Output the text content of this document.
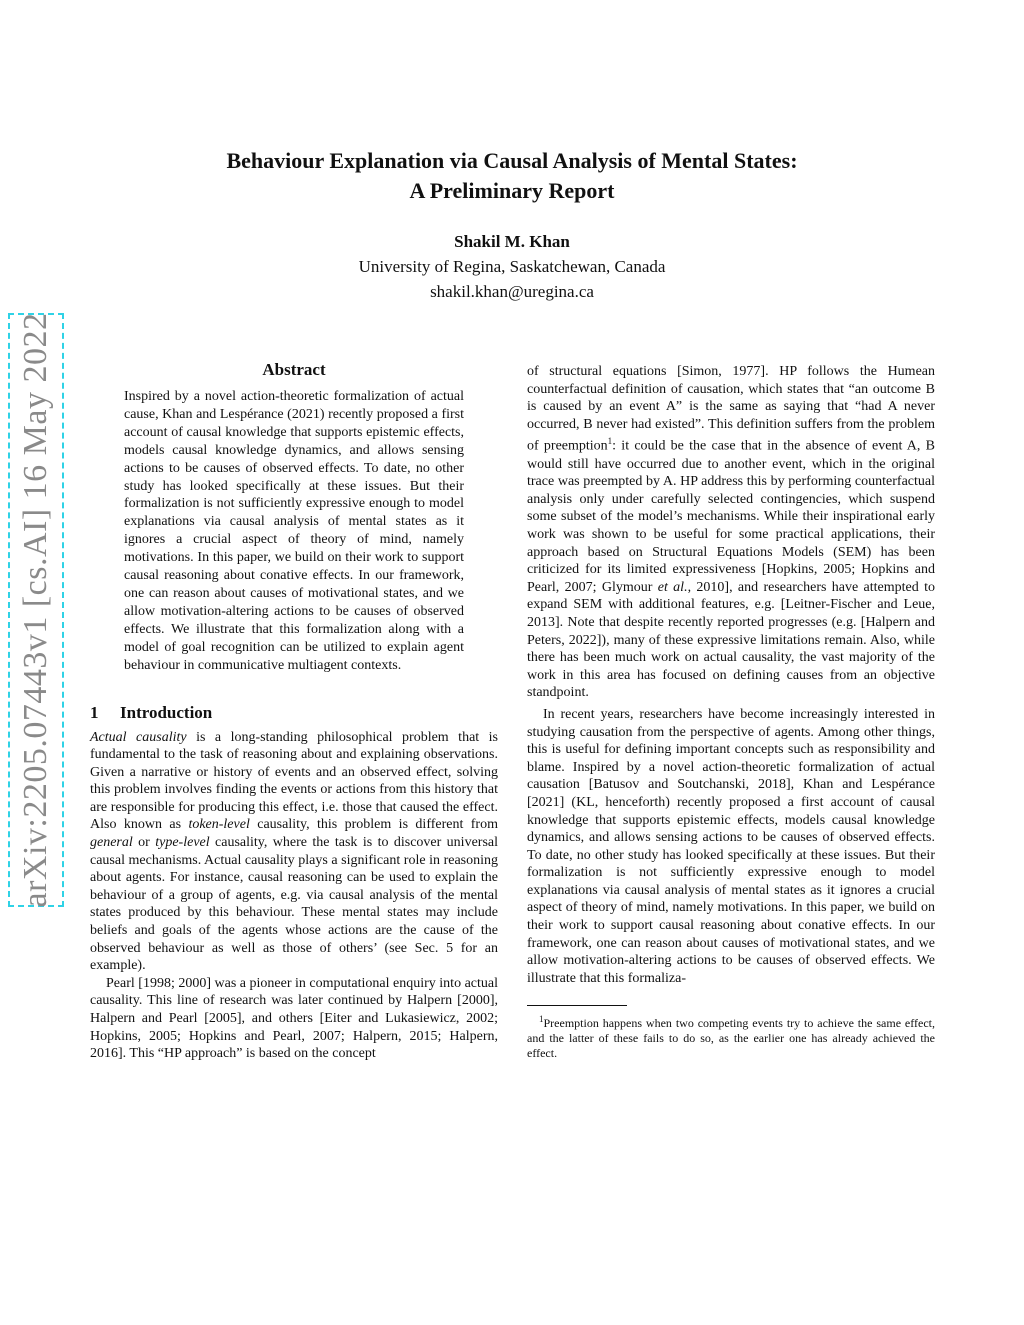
arXiv:2205.07443v1 [cs.AI] 16 May 2022
Behaviour Explanation via Causal Analysis of Mental States:
A Preliminary Report
Shakil M. Khan
University of Regina, Saskatchewan, Canada
shakil.khan@uregina.ca
Abstract

Inspired by a novel action-theoretic formalization of actual cause, Khan and Lespérance (2021) recently proposed a first account of causal knowledge that supports epistemic effects, models causal knowledge dynamics, and allows sensing actions to be causes of observed effects. To date, no other study has looked specifically at these issues. But their formalization is not sufficiently expressive enough to model explanations via causal analysis of mental states as it ignores a crucial aspect of theory of mind, namely motivations. In this paper, we build on their work to support causal reasoning about conative effects. In our framework, one can reason about causes of motivational states, and we allow motivation-altering actions to be causes of observed effects. We illustrate that this formalization along with a model of goal recognition can be utilized to explain agent behaviour in communicative multiagent contexts.

1 Introduction

Actual causality is a long-standing philosophical problem that is fundamental to the task of reasoning about and explaining observations. Given a narrative or history of events and an observed effect, solving this problem involves finding the events or actions from this history that are responsible for producing this effect, i.e. those that caused the effect. Also known as token-level causality, this problem is different from general or type-level causality, where the task is to discover universal causal mechanisms. Actual causality plays a significant role in reasoning about agents. For instance, causal reasoning can be used to explain the behaviour of a group of agents, e.g. via causal analysis of the mental states produced by this behaviour. These mental states may include beliefs and goals of the agents whose actions are the cause of the observed behaviour as well as those of others’ (see Sec. 5 for an example).

Pearl [1998; 2000] was a pioneer in computational enquiry into actual causality. This line of research was later continued by Halpern [2000], Halpern and Pearl [2005], and others [Eiter and Lukasiewicz, 2002; Hopkins, 2005; Hopkins and Pearl, 2007; Halpern, 2015; Halpern, 2016]. This “HP approach” is based on the concept

of structural equations [Simon, 1977]. HP follows the Humean counterfactual definition of causation, which states that “an outcome B is caused by an event A” is the same as saying that “had A never occurred, B never had existed”. This definition suffers from the problem of preemption$^1$: it could be the case that in the absence of event A, B would still have occurred due to another event, which in the original trace was preempted by A. HP address this by performing counterfactual analysis only under carefully selected contingencies, which suspend some subset of the model’s mechanisms. While their inspirational early work was shown to be useful for some practical applications, their approach based on Structural Equations Models (SEM) has been criticized for its limited expressiveness [Hopkins, 2005; Hopkins and Pearl, 2007; Glymour et al., 2010], and researchers have attempted to expand SEM with additional features, e.g. [Leitner-Fischer and Leue, 2013]. Note that despite recently reported progresses (e.g. [Halpern and Peters, 2022]), many of these expressive limitations remain. Also, while there has been much work on actual causality, the vast majority of the work in this area has focused on defining causes from an objective standpoint.

In recent years, researchers have become increasingly interested in studying causation from the perspective of agents. Among other things, this is useful for defining important concepts such as responsibility and blame. Inspired by a novel action-theoretic formalization of actual causation [Batusov and Soutchanski, 2018], Khan and Lespérance [2021] (KL, henceforth) recently proposed a first account of causal knowledge that supports epistemic effects, models causal knowledge dynamics, and allows sensing actions to be causes of observed effects. To date, no other study has looked specifically at these issues. But their formalization is not sufficiently expressive enough to model explanations via causal analysis of mental states as it ignores a crucial aspect of theory of mind, namely motivations. In this paper, we build on their work to support causal reasoning about conative effects. In our framework, one can reason about causes of motivational states, and we allow motivation-altering actions to be causes of observed effects. We illustrate that this formaliza-

$^1$Preemption happens when two competing events try to achieve the same effect, and the latter of these fails to do so, as the earlier one has already achieved the effect.
